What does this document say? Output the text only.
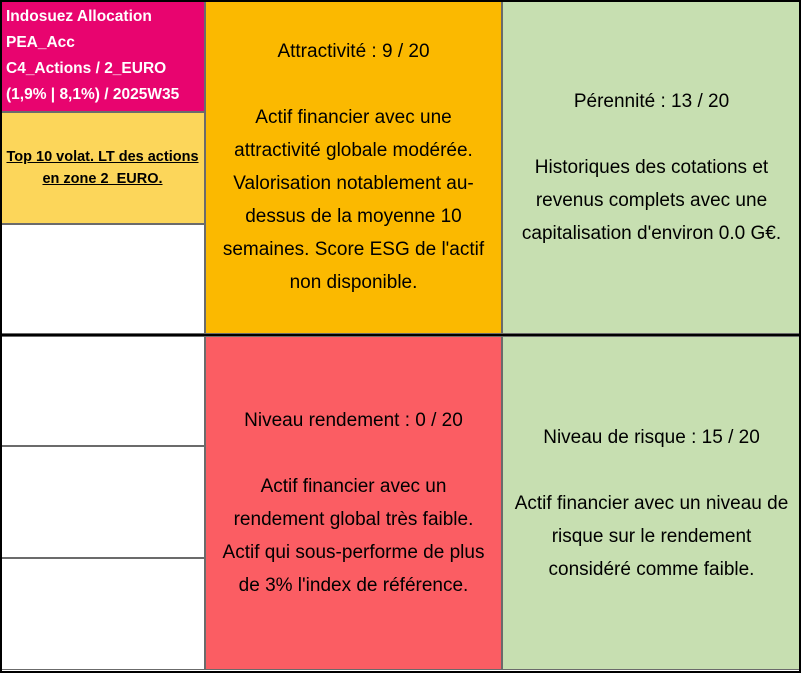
Indosuez Allocation
PEA_Acc
C4_Actions / 2_EURO
(1,9% | 8,1%) / 2025W35
Top 10 volat. LT des actions en zone 2_EURO.
Attractivité : 9 / 20
Actif financier avec une
attractivité globale modérée.
Valorisation notablement au-
dessus de la moyenne 10
semaines. Score ESG de l'actif
non disponible.
Pérennité : 13 / 20
Historiques des cotations et
revenus complets avec une
capitalisation d'environ 0.0 G€.
Niveau rendement : 0 / 20
Actif financier avec un
rendement global très faible.
Actif qui sous-performe de plus
de 3% l'index de référence.
Niveau de risque : 15 / 20
Actif financier avec un niveau de
risque sur le rendement
considéré comme faible.
